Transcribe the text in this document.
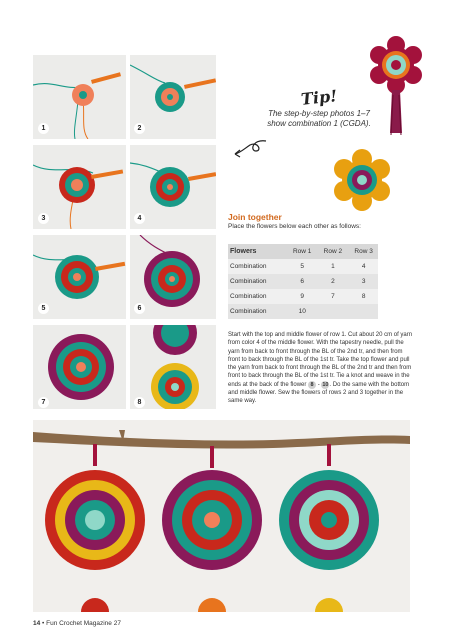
1
3
5
7
2
4
6
8
Tip!
The step-by-step photos 1–7 show combination 1 (CGDA).
Join together
Place the flowers below each other as follows:
Flowers	Row 1	Row 2	Row 3
Combination	5	1	4
Combination	6	2	3
Combination	9	7	8
Combination	10		
Start with the top and middle flower of row 1. Cut about 20 cm of yarn from color 4 of the middle flower. With the tapestry needle, pull the yarn from back to front through the BL of the 2nd tr, and then from front to back through the BL of the 1st tr. Take the top flower and pull the yarn from back to front through the BL of the 2nd tr and then from front to back through the BL of the 1st tr. Tie a knot and weave in the ends at the back of the flower 8 - 10. Do the same with the bottom and middle flower. Sew the flowers of rows 2 and 3 together in the same way.
14 • Fun Crochet Magazine 27
